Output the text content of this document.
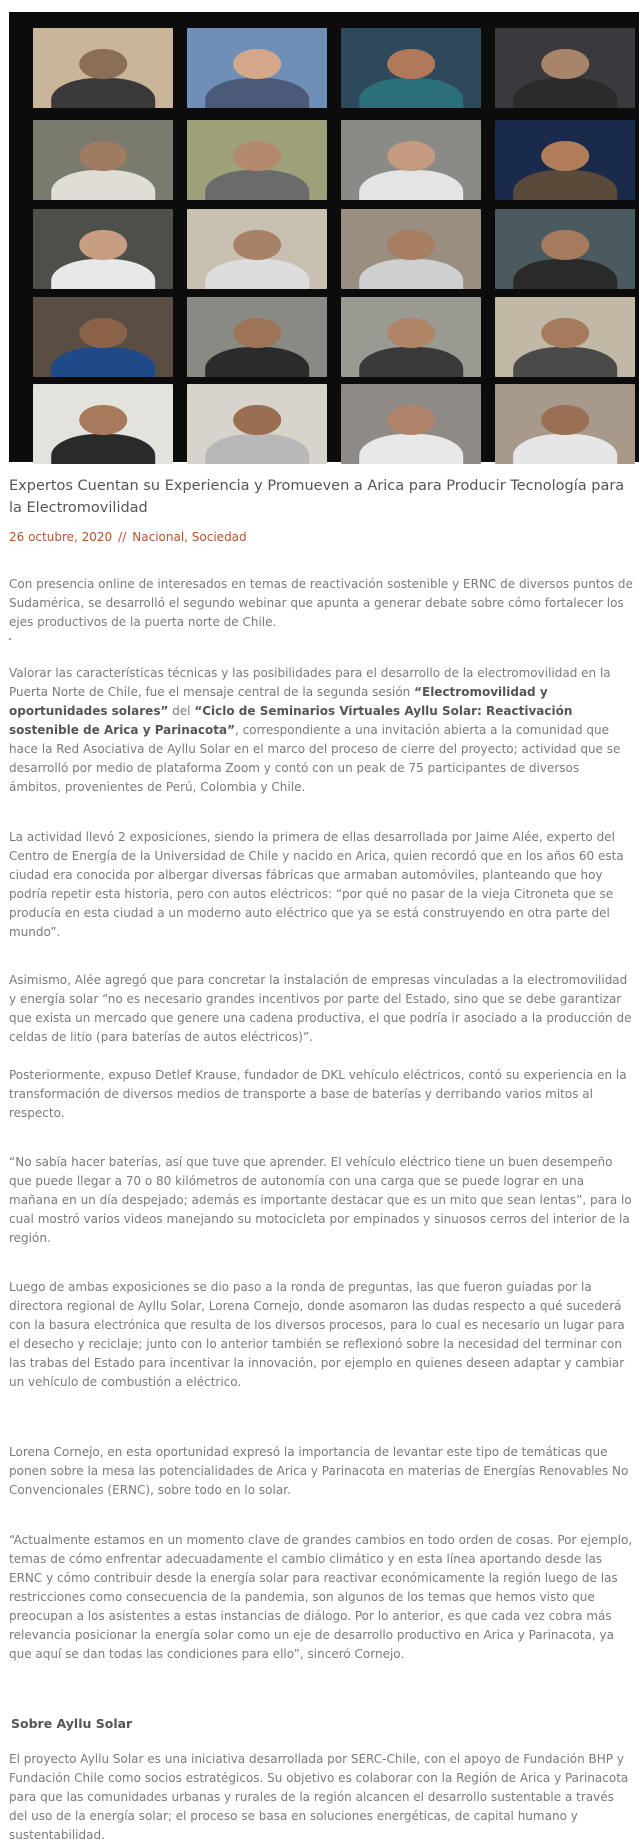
Expertos Cuentan su Experiencia y Promueven a Arica para Producir Tecnología para la Electromovilidad
26 octubre, 2020 // Nacional, Sociedad

Con presencia online de interesados en temas de reactivación sostenible y ERNC de diversos puntos de Sudamérica, se desarrolló el segundo webinar que apunta a generar debate sobre cómo fortalecer los ejes productivos de la puerta norte de Chile.

Valorar las características técnicas y las posibilidades para el desarrollo de la electromovilidad en la Puerta Norte de Chile, fue el mensaje central de la segunda sesión “Electromovilidad y oportunidades solares” del “Ciclo de Seminarios Virtuales Ayllu Solar: Reactivación sostenible de Arica y Parinacota”, correspondiente a una invitación abierta a la comunidad que hace la Red Asociativa de Ayllu Solar en el marco del proceso de cierre del proyecto; actividad que se desarrolló por medio de plataforma Zoom y contó con un peak de 75 participantes de diversos ámbitos, provenientes de Perú, Colombia y Chile.

La actividad llevó 2 exposiciones, siendo la primera de ellas desarrollada por Jaime Alée, experto del Centro de Energía de la Universidad de Chile y nacido en Arica, quien recordó que en los años 60 esta ciudad era conocida por albergar diversas fábricas que armaban automóviles, planteando que hoy podría repetir esta historia, pero con autos eléctricos: “por qué no pasar de la vieja Citroneta que se producía en esta ciudad a un moderno auto eléctrico que ya se está construyendo en otra parte del mundo”.

Asimismo, Alée agregó que para concretar la instalación de empresas vinculadas a la electromovilidad y energía solar “no es necesario grandes incentivos por parte del Estado, sino que se debe garantizar que exista un mercado que genere una cadena productiva, el que podría ir asociado a la producción de celdas de litio (para baterías de autos eléctricos)”.

Posteriormente, expuso Detlef Krause, fundador de DKL vehículo eléctricos, contó su experiencia en la transformación de diversos medios de transporte a base de baterías y derribando varios mitos al respecto.

“No sabía hacer baterías, así que tuve que aprender. El vehículo eléctrico tiene un buen desempeño que puede llegar a 70 o 80 kilómetros de autonomía con una carga que se puede lograr en una mañana en un día despejado; además es importante destacar que es un mito que sean lentas”, para lo cual mostró varios videos manejando su motocicleta por empinados y sinuosos cerros del interior de la región.

Luego de ambas exposiciones se dio paso a la ronda de preguntas, las que fueron guiadas por la directora regional de Ayllu Solar, Lorena Cornejo, donde asomaron las dudas respecto a qué sucederá con la basura electrónica que resulta de los diversos procesos, para lo cual es necesario un lugar para el desecho y reciclaje; junto con lo anterior también se reflexionó sobre la necesidad del terminar con las trabas del Estado para incentivar la innovación, por ejemplo en quienes deseen adaptar y cambiar un vehículo de combustión a eléctrico.

Lorena Cornejo, en esta oportunidad expresó la importancia de levantar este tipo de temáticas que ponen sobre la mesa las potencialidades de Arica y Parinacota en materias de Energías Renovables No Convencionales (ERNC), sobre todo en lo solar.

“Actualmente estamos en un momento clave de grandes cambios en todo orden de cosas. Por ejemplo, temas de cómo enfrentar adecuadamente el cambio climático y en esta línea aportando desde las ERNC y cómo contribuir desde la energía solar para reactivar económicamente la región luego de las restricciones como consecuencia de la pandemia, son algunos de los temas que hemos visto que preocupan a los asistentes a estas instancias de diálogo. Por lo anterior, es que cada vez cobra más relevancia posicionar la energía solar como un eje de desarrollo productivo en Arica y Parinacota, ya que aquí se dan todas las condiciones para ello”, sinceró Cornejo.

Sobre Ayllu Solar

El proyecto Ayllu Solar es una iniciativa desarrollada por SERC-Chile, con el apoyo de Fundación BHP y Fundación Chile como socios estratégicos. Su objetivo es colaborar con la Región de Arica y Parinacota para que las comunidades urbanas y rurales de la región alcancen el desarrollo sustentable a través del uso de la energía solar; el proceso se basa en soluciones energéticas, de capital humano y sustentabilidad.
